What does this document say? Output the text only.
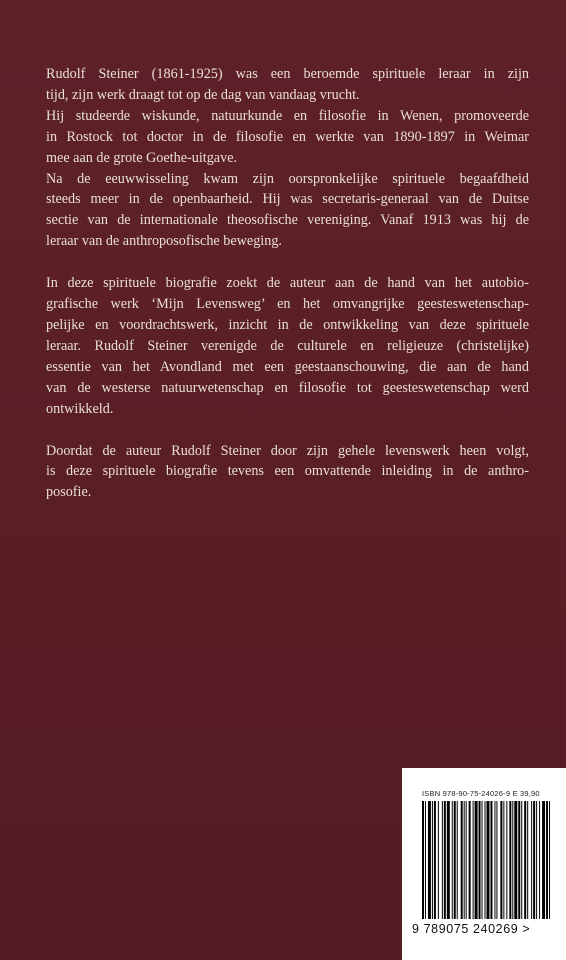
Rudolf Steiner (1861-1925) was een beroemde spirituele leraar in zijn
tijd, zijn werk draagt tot op de dag van vandaag vrucht.
Hij studeerde wiskunde, natuurkunde en filosofie in Wenen, promoveerde
in Rostock tot doctor in de filosofie en werkte van 1890-1897 in Weimar
mee aan de grote Goethe-uitgave.
Na de eeuwwisseling kwam zijn oorspronkelijke spirituele begaafdheid
steeds meer in de openbaarheid. Hij was secretaris-generaal van de Duitse
sectie van de internationale theosofische vereniging. Vanaf 1913 was hij de
leraar van de anthroposofische beweging.
In deze spirituele biografie zoekt de auteur aan de hand van het autobio-
grafische werk ‘Mijn Levensweg’ en het omvangrijke geesteswetenschap-
pelijke en voordrachtswerk, inzicht in de ontwikkeling van deze spirituele
leraar. Rudolf Steiner verenigde de culturele en religieuze (christelijke)
essentie van het Avondland met een geestaanschouwing, die aan de hand
van de westerse natuurwetenschap en filosofie tot geesteswetenschap werd
ontwikkeld.
Doordat de auteur Rudolf Steiner door zijn gehele levenswerk heen volgt,
is deze spirituele biografie tevens een omvattende inleiding in de anthro-
posofie.
ISBN 978-90-75-24026-9 E 39,90
9 789075 240269 >
